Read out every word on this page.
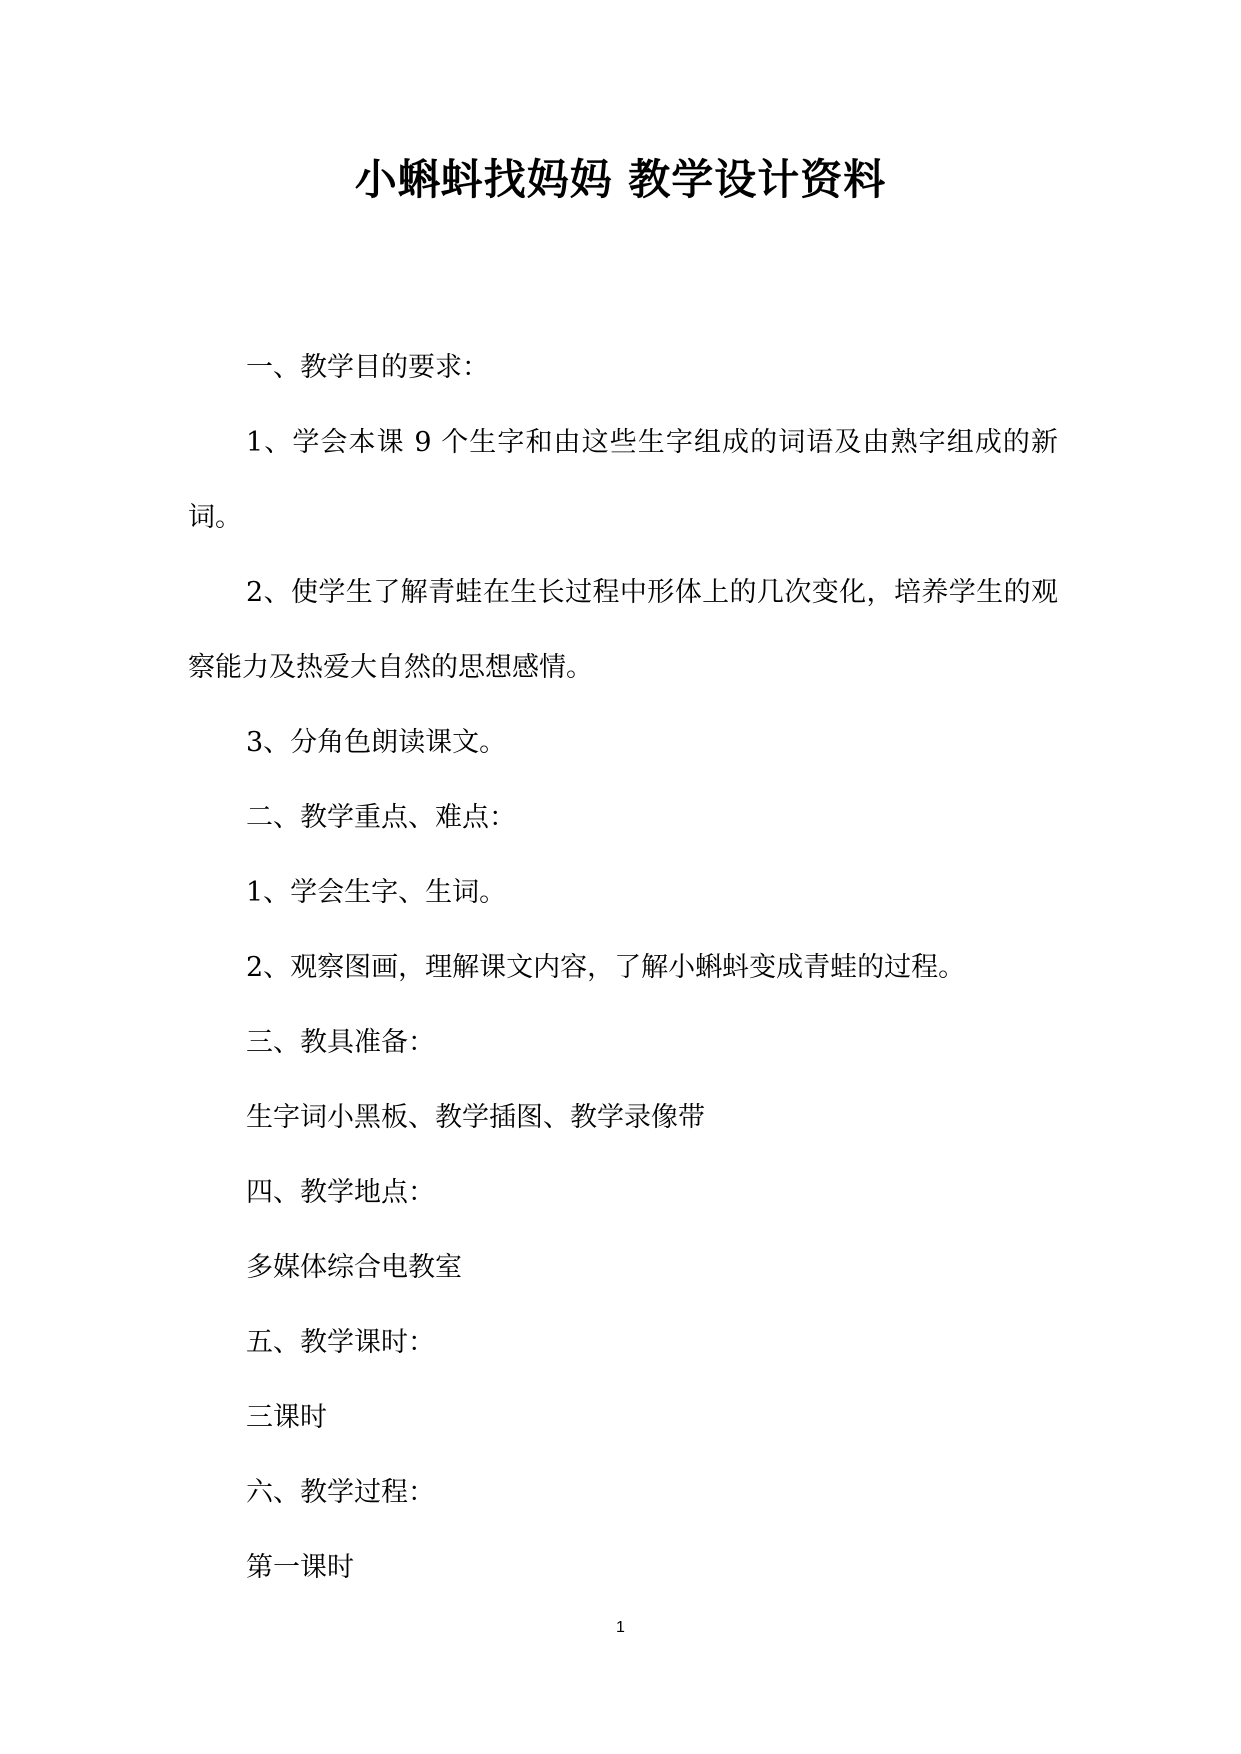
小蝌蚪找妈妈 教学设计资料

一、教学目的要求：

1、学会本课 9 个生字和由这些生字组成的词语及由熟字组成的新词。

2、使学生了解青蛙在生长过程中形体上的几次变化，培养学生的观察能力及热爱大自然的思想感情。

3、分角色朗读课文。

二、教学重点、难点：

1、学会生字、生词。

2、观察图画，理解课文内容，了解小蝌蚪变成青蛙的过程。

三、教具准备：

生字词小黑板、教学插图、教学录像带

四、教学地点：

多媒体综合电教室

五、教学课时：

三课时

六、教学过程：

第一课时

1
